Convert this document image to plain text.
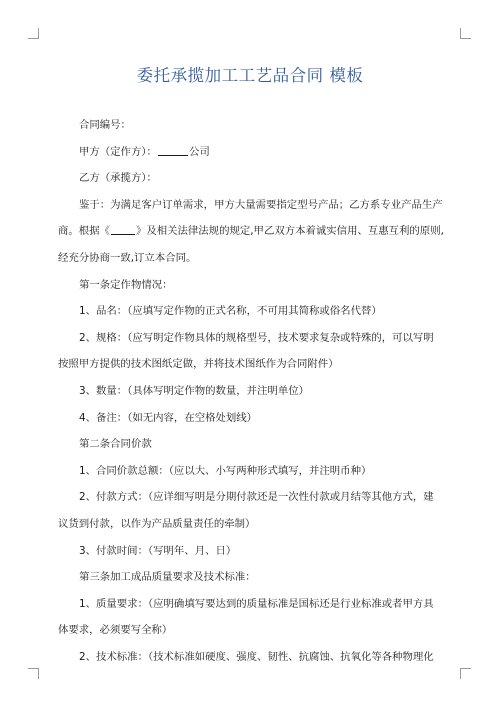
委托承揽加工工艺品合同 模板

合同编号：

甲方（定作方）：	公司

乙方（承揽方）：

鉴于：为满足客户订单需求，甲方大量需要指定型号产品；乙方系专业产品生产

商。根据《	》及相关法律法规的规定,甲乙双方本着诚实信用、互惠互利的原则,

经充分协商一致,订立本合同。

第一条定作物情况：

1、品名：（应填写定作物的正式名称，不可用其简称或俗名代替）

2、规格：（应写明定作物具体的规格型号，技术要求复杂或特殊的，可以写明

按照甲方提供的技术图纸定做，并将技术图纸作为合同附件）

3、数量：（具体写明定作物的数量，并注明单位）

4、备注：（如无内容，在空格处划线）

第二条合同价款

1、合同价款总额：（应以大、小写两种形式填写，并注明币种）

2、付款方式：（应详细写明是分期付款还是一次性付款或月结等其他方式，建

议货到付款，以作为产品质量责任的牵制）

3、付款时间：（写明年、月、日）

第三条加工成品质量要求及技术标准：

1、质量要求：（应明确填写要达到的质量标准是国标还是行业标准或者甲方具

体要求，必须要写全称）

2、技术标准：（技术标准如硬度、强度、韧性、抗腐蚀、抗氧化等各种物理化
